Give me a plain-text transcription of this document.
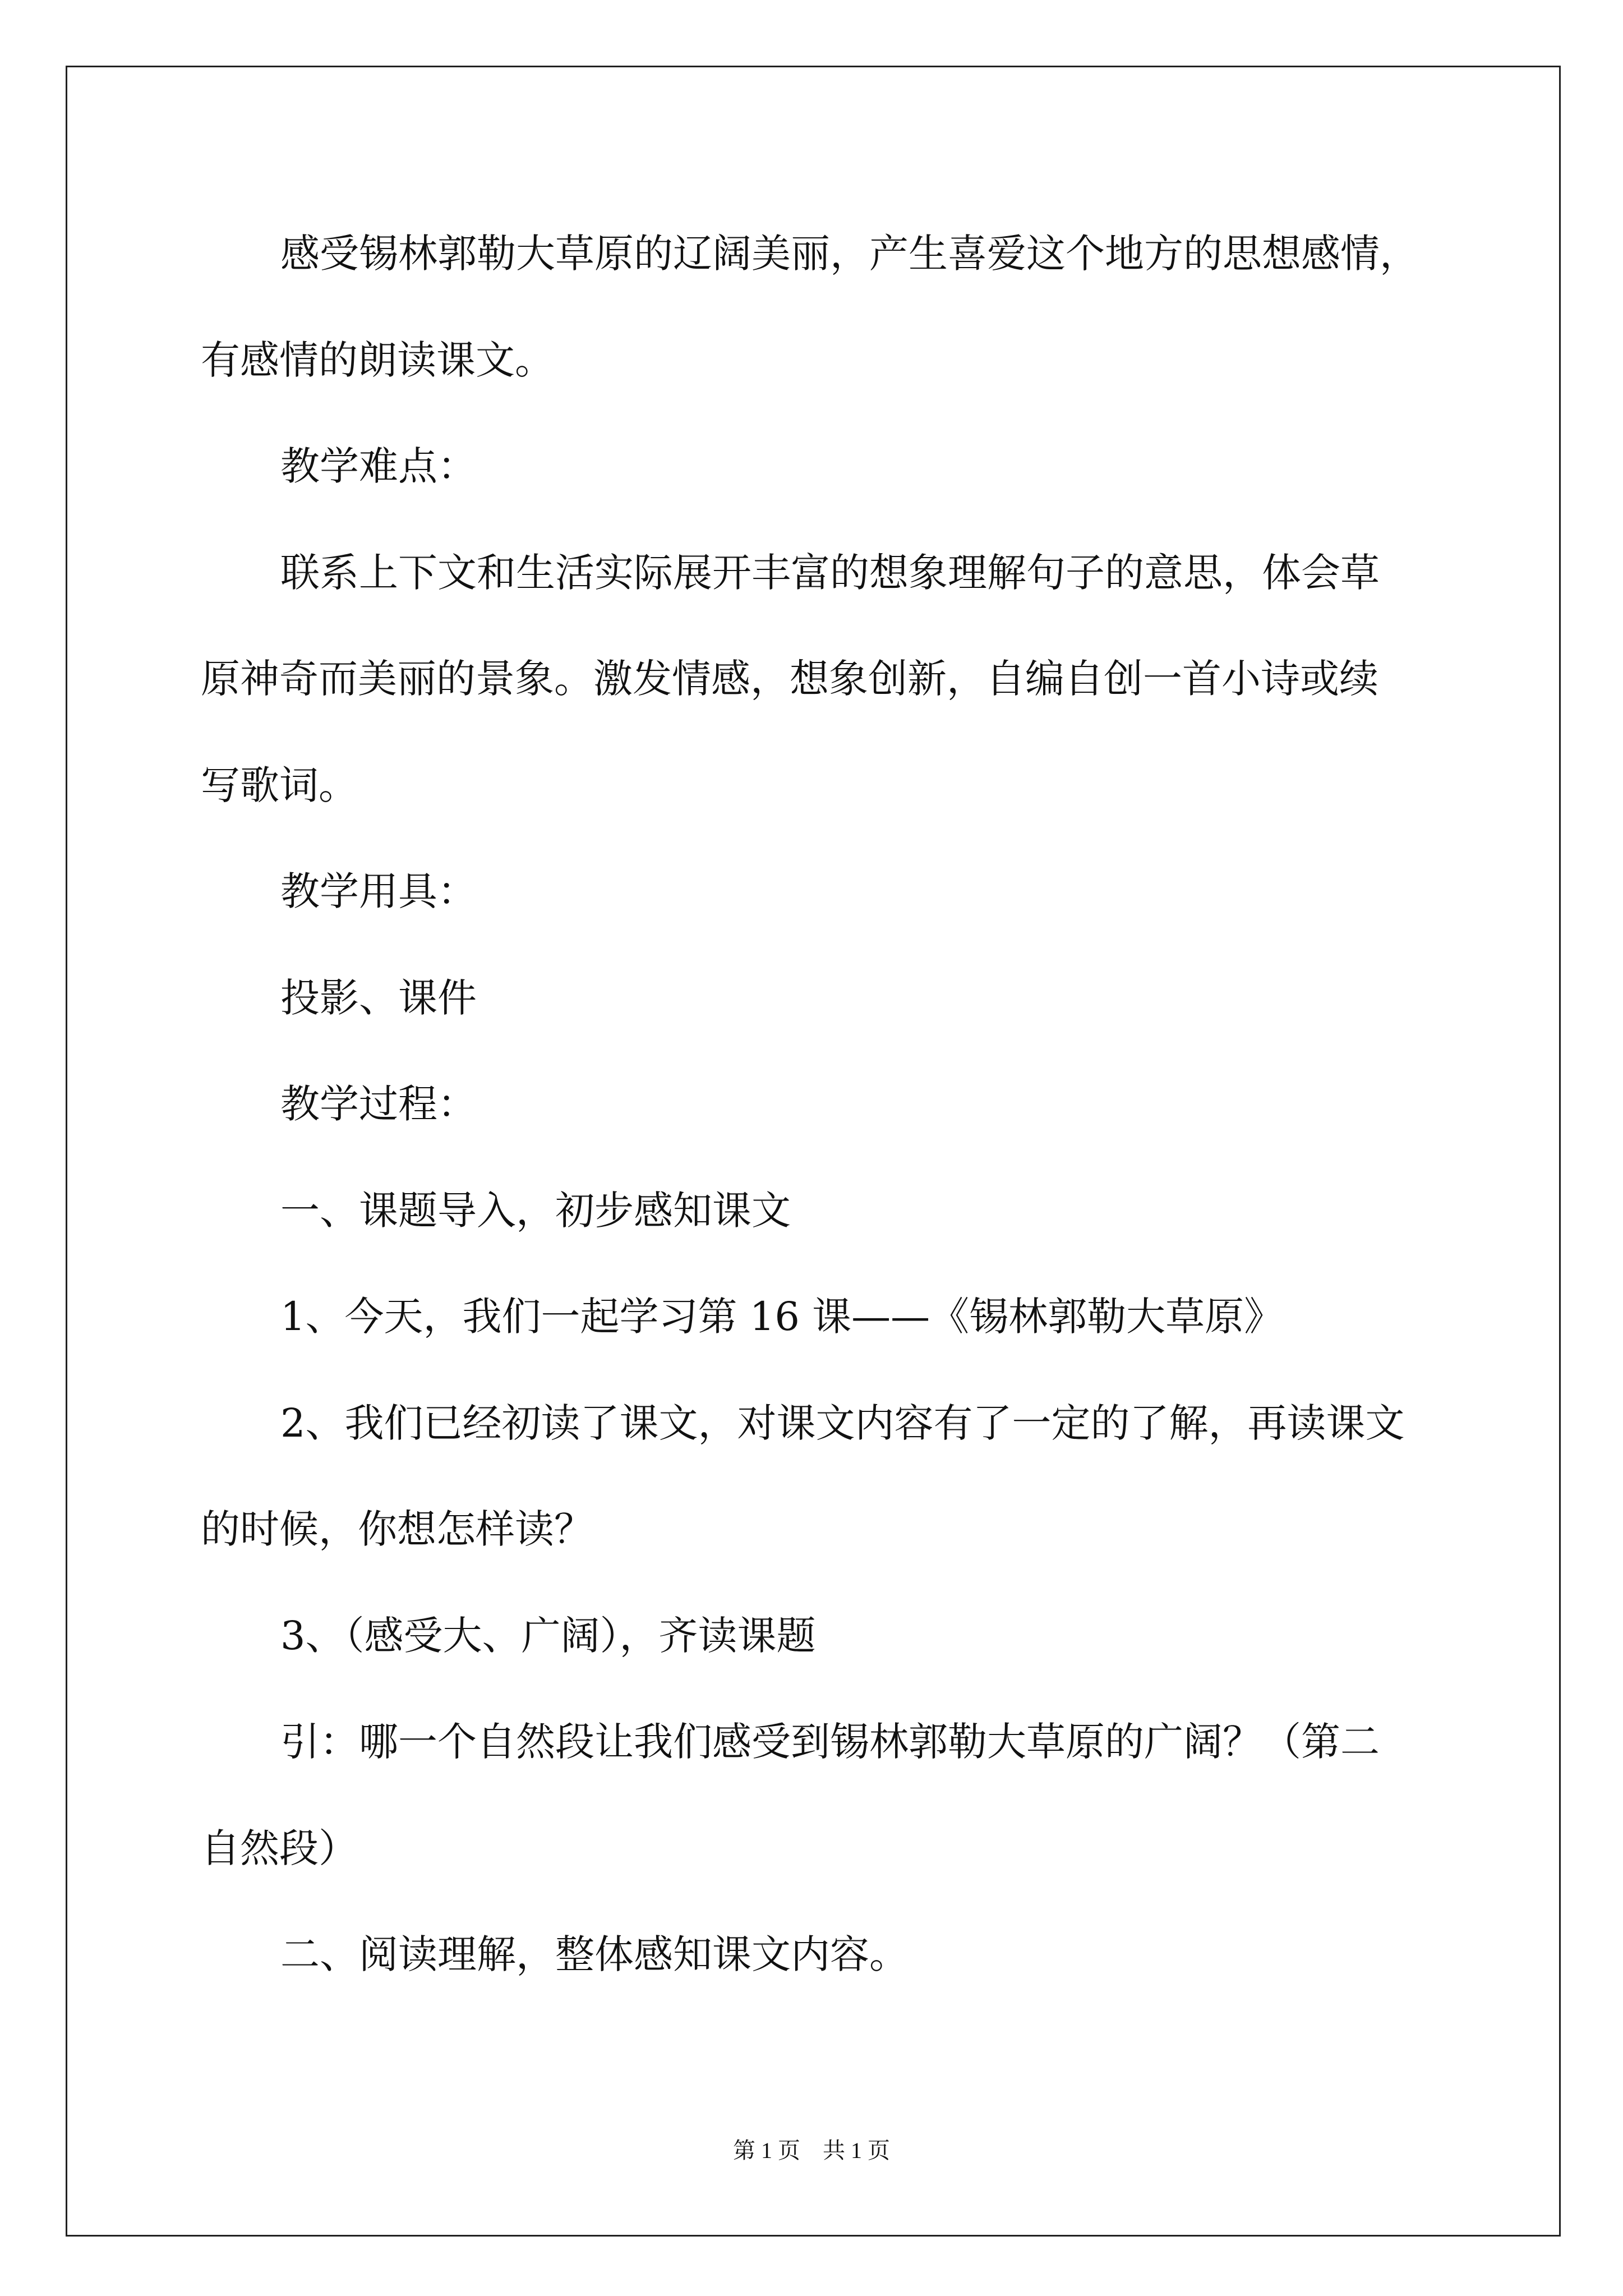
感受锡林郭勒大草原的辽阔美丽，产生喜爱这个地方的思想感情，
有感情的朗读课文。
教学难点：
联系上下文和生活实际展开丰富的想象理解句子的意思，体会草
原神奇而美丽的景象。激发情感，想象创新，自编自创一首小诗或续
写歌词。
教学用具：
投影、课件
教学过程：
一、课题导入，初步感知课文
1、今天，我们一起学习第 16 课——《锡林郭勒大草原》
2、我们已经初读了课文，对课文内容有了一定的了解，再读课文
的时候，你想怎样读？
3、（感受大、广阔），齐读课题
引：哪一个自然段让我们感受到锡林郭勒大草原的广阔？（第二
自然段）
二、阅读理解，整体感知课文内容。
第 1 页　共 1 页
